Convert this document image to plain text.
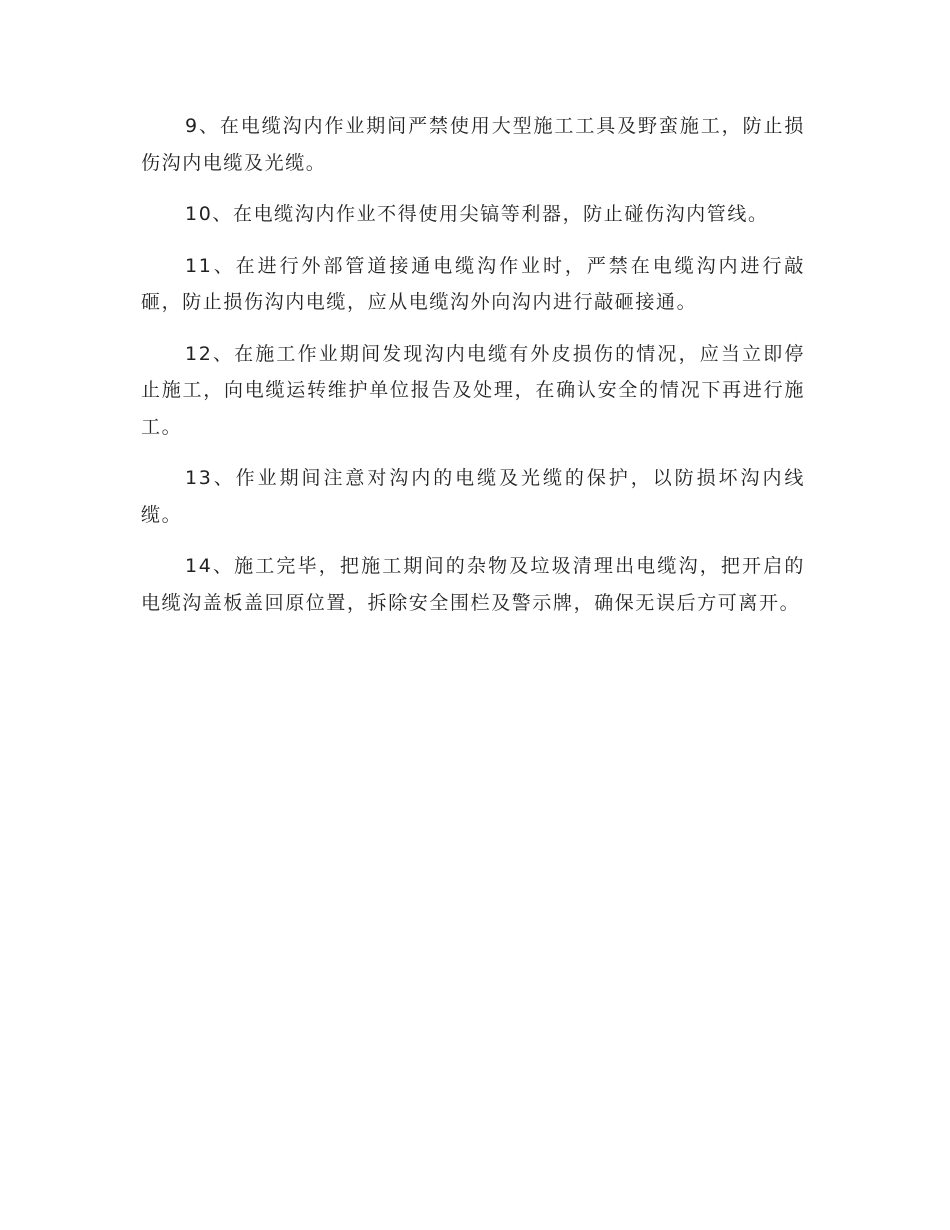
9、在电缆沟内作业期间严禁使用大型施工工具及野蛮施工，防止损伤沟内电缆及光缆。

10、在电缆沟内作业不得使用尖镐等利器，防止碰伤沟内管线。

11、在进行外部管道接通电缆沟作业时，严禁在电缆沟内进行敲砸，防止损伤沟内电缆，应从电缆沟外向沟内进行敲砸接通。

12、在施工作业期间发现沟内电缆有外皮损伤的情况，应当立即停止施工，向电缆运转维护单位报告及处理，在确认安全的情况下再进行施工。

13、作业期间注意对沟内的电缆及光缆的保护，以防损坏沟内线缆。

14、施工完毕，把施工期间的杂物及垃圾清理出电缆沟，把开启的电缆沟盖板盖回原位置，拆除安全围栏及警示牌，确保无误后方可离开。
